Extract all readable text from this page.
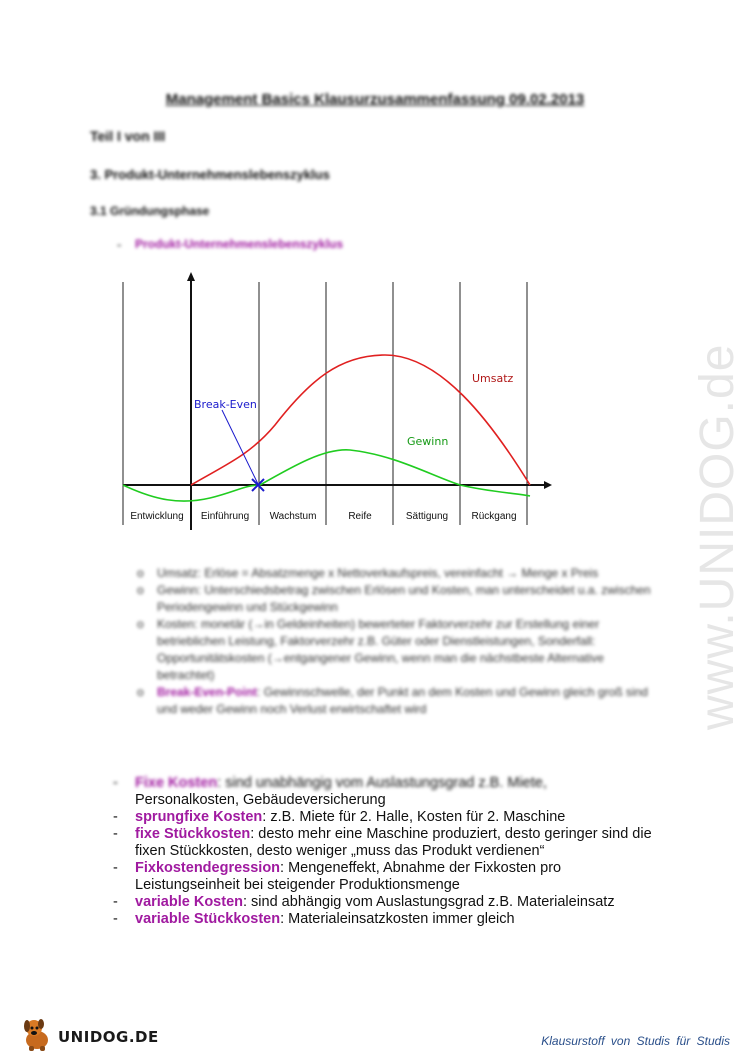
www.UNIDOG.de
Management Basics Klausurzusammenfassung 09.02.2013
Teil I von III
3. Produkt-Unternehmenslebenszyklus
3.1 Gründungsphase
- Produkt-Unternehmenslebenszyklus
Umsatz
Gewinn
Break-Even
Entwicklung Einführung Wachstum	Reife	Sättigung Rückgang
o Umsatz: Erlöse = Absatzmenge x Nettoverkaufspreis, vereinfacht → Menge x Preis
o Gewinn: Unterschiedsbetrag zwischen Erlösen und Kosten, man unterscheidet u.a. zwischen Periodengewinn und Stückgewinn
o Kosten: monetär (→in Geldeinheiten) bewerteter Faktorverzehr zur Erstellung einer betrieblichen Leistung, Faktorverzehr z.B. Güter oder Dienstleistungen, Sonderfall: Opportunitätskosten (→entgangener Gewinn, wenn man die nächstbeste Alternative betrachtet)
o Break-Even-Point: Gewinnschwelle, der Punkt an dem Kosten und Gewinn gleich groß sind und weder Gewinn noch Verlust erwirtschaftet wird
- Fixe Kosten: sind unabhängig vom Auslastungsgrad z.B. Miete,
Personalkosten, Gebäudeversicherung
- sprungfixe Kosten: z.B. Miete für 2. Halle, Kosten für 2. Maschine
- fixe Stückkosten: desto mehr eine Maschine produziert, desto geringer sind die fixen Stückkosten, desto weniger „muss das Produkt verdienen“
- Fixkostendegression: Mengeneffekt, Abnahme der Fixkosten pro Leistungseinheit bei steigender Produktionsmenge
- variable Kosten: sind abhängig vom Auslastungsgrad z.B. Materialeinsatz
- variable Stückkosten: Materialeinsatzkosten immer gleich
UNIDOG.DE	Klausurstoff von Studis für Studis
